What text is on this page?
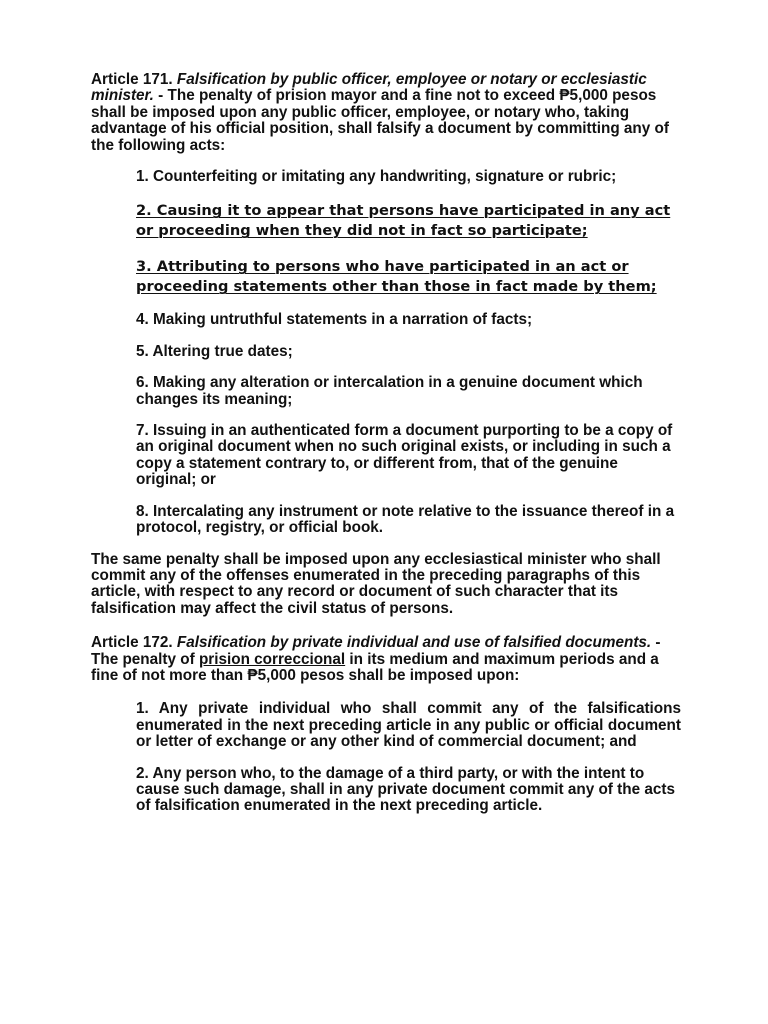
Article 171. Falsification by public officer, employee or notary or ecclesiastic minister. - The penalty of prision mayor and a fine not to exceed ₱5,000 pesos shall be imposed upon any public officer, employee, or notary who, taking advantage of his official position, shall falsify a document by committing any of the following acts:

1. Counterfeiting or imitating any handwriting, signature or rubric;

2. Causing it to appear that persons have participated in any act or proceeding when they did not in fact so participate;

3. Attributing to persons who have participated in an act or proceeding statements other than those in fact made by them;

4. Making untruthful statements in a narration of facts;

5. Altering true dates;

6. Making any alteration or intercalation in a genuine document which changes its meaning;

7. Issuing in an authenticated form a document purporting to be a copy of an original document when no such original exists, or including in such a copy a statement contrary to, or different from, that of the genuine original; or

8. Intercalating any instrument or note relative to the issuance thereof in a protocol, registry, or official book.

The same penalty shall be imposed upon any ecclesiastical minister who shall commit any of the offenses enumerated in the preceding paragraphs of this article, with respect to any record or document of such character that its falsification may affect the civil status of persons.

Article 172. Falsification by private individual and use of falsified documents. - The penalty of prision correccional in its medium and maximum periods and a fine of not more than ₱5,000 pesos shall be imposed upon:

1. Any private individual who shall commit any of the falsifications enumerated in the next preceding article in any public or official document or letter of exchange or any other kind of commercial document; and

2. Any person who, to the damage of a third party, or with the intent to cause such damage, shall in any private document commit any of the acts of falsification enumerated in the next preceding article.
